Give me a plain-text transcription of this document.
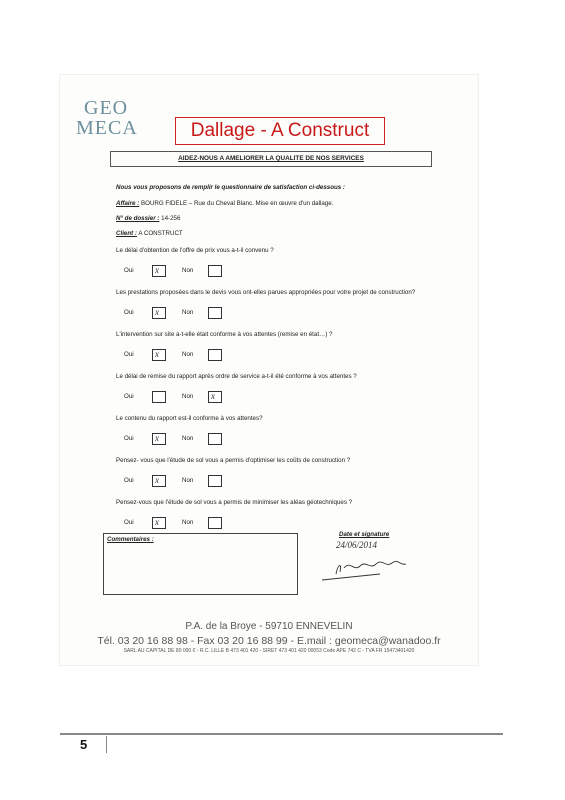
GEO
MECA	Dallage - A Construct
AIDEZ-NOUS A AMELIORER LA QUALITE DE NOS SERVICES
Nous vous proposons de remplir le questionnaire de satisfaction ci-dessous :
Affaire : BOURG FIDELE – Rue du Cheval Blanc. Mise en œuvre d'un dallage.
N° de dossier : 14-256
Client : A CONSTRUCT
Le délai d'obtention de l'offre de prix vous a-t-il convenu ?
Oui x	Non
Les prestations proposées dans le devis vous ont-elles parues appropriées pour votre projet de construction?
Oui x	Non
L'intervention sur site a-t-elle était conforme à vos attentes (remise en état…) ?
Oui x	Non
Le délai de remise du rapport après ordre de service a-t-il été conforme à vos attentes ?
Oui	Non x
Le contenu du rapport est-il conforme à vos attentes?
Oui x	Non
Pensez- vous que l'étude de sol vous a permis d'optimiser les coûts de construction ?
Oui x	Non
Pensez-vous que l'étude de sol vous a permis de minimiser les aléas géotechniques ?
Oui x	Non
Commentaires :
Date et signature
24/06/2014
P.A. de la Broye - 59710 ENNEVELIN
Tél. 03 20 16 88 98 - Fax 03 20 16 88 99 - E.mail : geomeca@wanadoo.fr
SARL AU CAPITAL DE 80 000 € - R.C. LILLE B 473 401 420 - SIRET 473 401 420 00053 Code APE 742 C - TVA FR 15473401420
5
